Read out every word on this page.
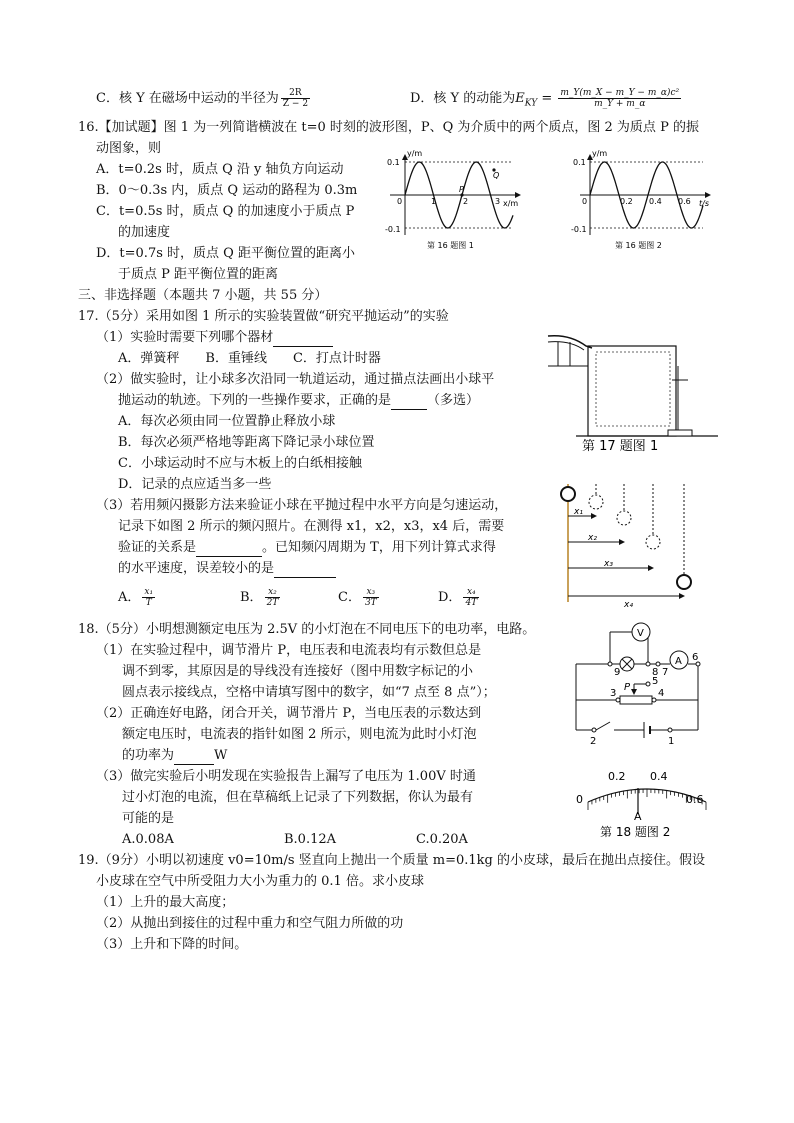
C．核 Y 在磁场中运动的半径为 $\frac{2R}{Z - 2}$	D．核 Y 的动能为$E_{KY} = \frac{\text{m\_Y(m\_X − m\_Y − m\_α)c²}}{m\_Y + m\_\alpha}$
16.【加试题】图 1 为一列简谐横波在 t=0 时刻的波形图，P、Q 为介质中的两个质点，图 2 为质点 P 的振
动图象，则
A．t=0.2s 时，质点 Q 沿 y 轴负方向运动
B．0～0.3s 内，质点 Q 运动的路程为 0.3m
C．t=0.5s 时，质点 Q 的加速度小于质点 P
的加速度
D．t=0.7s 时，质点 Q 距平衡位置的距离小
于质点 P 距平衡位置的距离
y/m
x/m
0.1
-0.1
0	1	2	3
P
Q
第 16 题图 1
y/m
t/s
0.1
-0.1
0	0.2 0.4 0.6
第 16 题图 2
三、非选择题（本题共 7 小题，共 55 分）
17.（5分）采用如图 1 所示的实验装置做“研究平抛运动”的实验
（1）实验时需要下列哪个器材
A．弹簧秤　　B．重锤线　　C．打点计时器
（2）做实验时，让小球多次沿同一轨道运动，通过描点法画出小球平
抛运动的轨迹。下列的一些操作要求，正确的是	（多选）
A．每次必须由同一位置静止释放小球
B．每次必须严格地等距离下降记录小球位置
C．小球运动时不应与木板上的白纸相接触
D．记录的点应适当多一些
（3）若用频闪摄影方法来验证小球在平抛过程中水平方向是匀速运动，
记录下如图 2 所示的频闪照片。在测得 x1，x2，x3，x4 后，需要
验证的关系是	。已知频闪周期为 T，用下列计算式求得
的水平速度，误差较小的是
A． $\frac{\text{x₁}}{T}$	B． $\frac{\text{x₂}}{2T}$	C． $\frac{\text{x₃}}{3T}$	D． $\frac{\text{x₄}}{4T}$
第 17 题图 1
x₁
x₂
x₃
x₄
18.（5分）小明想测额定电压为 2.5V 的小灯泡在不同电压下的电功率，电路。
（1）在实验过程中，调节滑片 P，电压表和电流表均有示数但总是
调不到零，其原因是的导线没有连接好（图中用数字标记的小
圆点表示接线点，空格中请填写图中的数字，如“7 点至 8 点”）；
（2）正确连好电路，闭合开关，调节滑片 P，当电压表的示数达到
额定电压时，电流表的指针如图 2 所示，则电流为此时小灯泡
的功率为	W
（3）做完实验后小明发现在实验报告上漏写了电压为 1.00V 时通
过小灯泡的电流，但在草稿纸上记录了下列数据，你认为最有
可能的是
A.0.08A	B.0.12A	C.0.20A
V
A
9	8 7
6
3
P
5
4
2	1
0
0.2 0.4
0.6
A
第 18 题图 2
19.（9分）小明以初速度 v0=10m/s 竖直向上抛出一个质量 m=0.1kg 的小皮球，最后在抛出点接住。假设
小皮球在空气中所受阻力大小为重力的 0.1 倍。求小皮球
（1）上升的最大高度；
（2）从抛出到接住的过程中重力和空气阻力所做的功
（3）上升和下降的时间。
